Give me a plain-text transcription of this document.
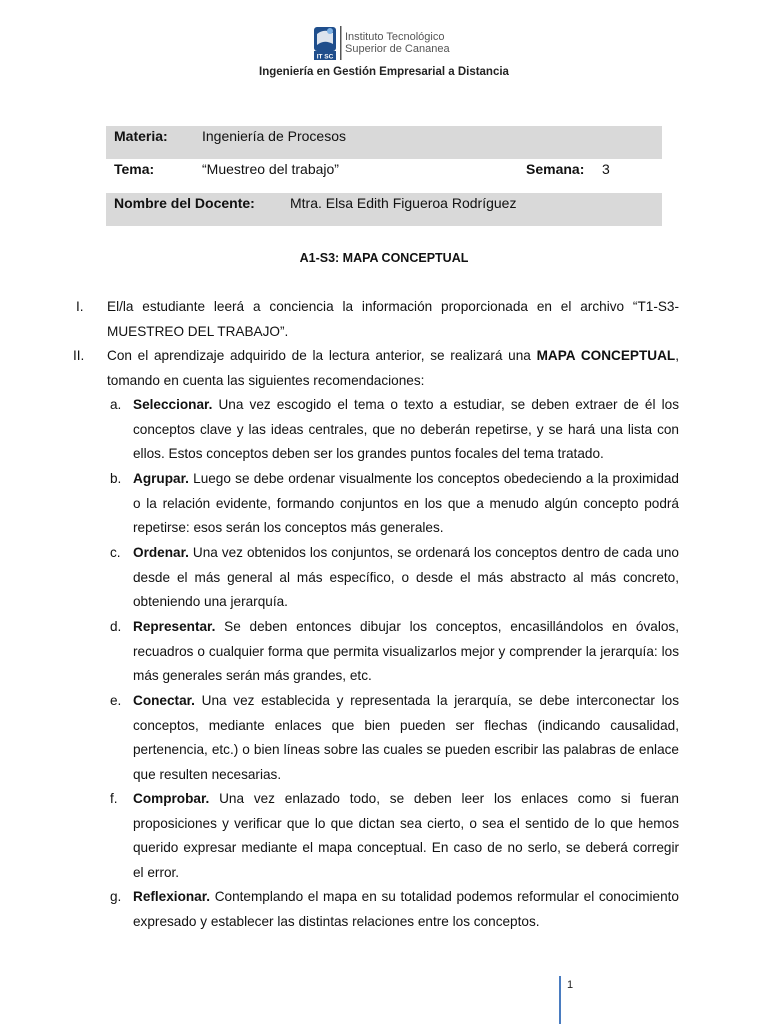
IT SC
Instituto Tecnológico
Superior de Cananea
Ingeniería en Gestión Empresarial a Distancia
Materia: Ingeniería de Procesos
Tema:	“Muestreo del trabajo”	Semana: 3
Nombre del Docente:	Mtra. Elsa Edith Figueroa Rodríguez
A1-S3: MAPA CONCEPTUAL
I. El/la estudiante leerá a conciencia la información proporcionada en el archivo “T1-S3-
MUESTREO DEL TRABAJO”.
II. Con el aprendizaje adquirido de la lectura anterior, se realizará una MAPA CONCEPTUAL,
tomando en cuenta las siguientes recomendaciones:
a. Seleccionar. Una vez escogido el tema o texto a estudiar, se deben extraer de él los
conceptos clave y las ideas centrales, que no deberán repetirse, y se hará una lista con
ellos. Estos conceptos deben ser los grandes puntos focales del tema tratado.
b. Agrupar. Luego se debe ordenar visualmente los conceptos obedeciendo a la proximidad
o la relación evidente, formando conjuntos en los que a menudo algún concepto podrá
repetirse: esos serán los conceptos más generales.
c. Ordenar. Una vez obtenidos los conjuntos, se ordenará los conceptos dentro de cada uno
desde el más general al más específico, o desde el más abstracto al más concreto,
obteniendo una jerarquía.
d. Representar. Se deben entonces dibujar los conceptos, encasillándolos en óvalos,
recuadros o cualquier forma que permita visualizarlos mejor y comprender la jerarquía: los
más generales serán más grandes, etc.
e. Conectar. Una vez establecida y representada la jerarquía, se debe interconectar los
conceptos, mediante enlaces que bien pueden ser flechas (indicando causalidad,
pertenencia, etc.) o bien líneas sobre las cuales se pueden escribir las palabras de enlace
que resulten necesarias.
f. Comprobar. Una vez enlazado todo, se deben leer los enlaces como si fueran
proposiciones y verificar que lo que dictan sea cierto, o sea el sentido de lo que hemos
querido expresar mediante el mapa conceptual. En caso de no serlo, se deberá corregir
el error.
g. Reflexionar. Contemplando el mapa en su totalidad podemos reformular el conocimiento
expresado y establecer las distintas relaciones entre los conceptos.
1
